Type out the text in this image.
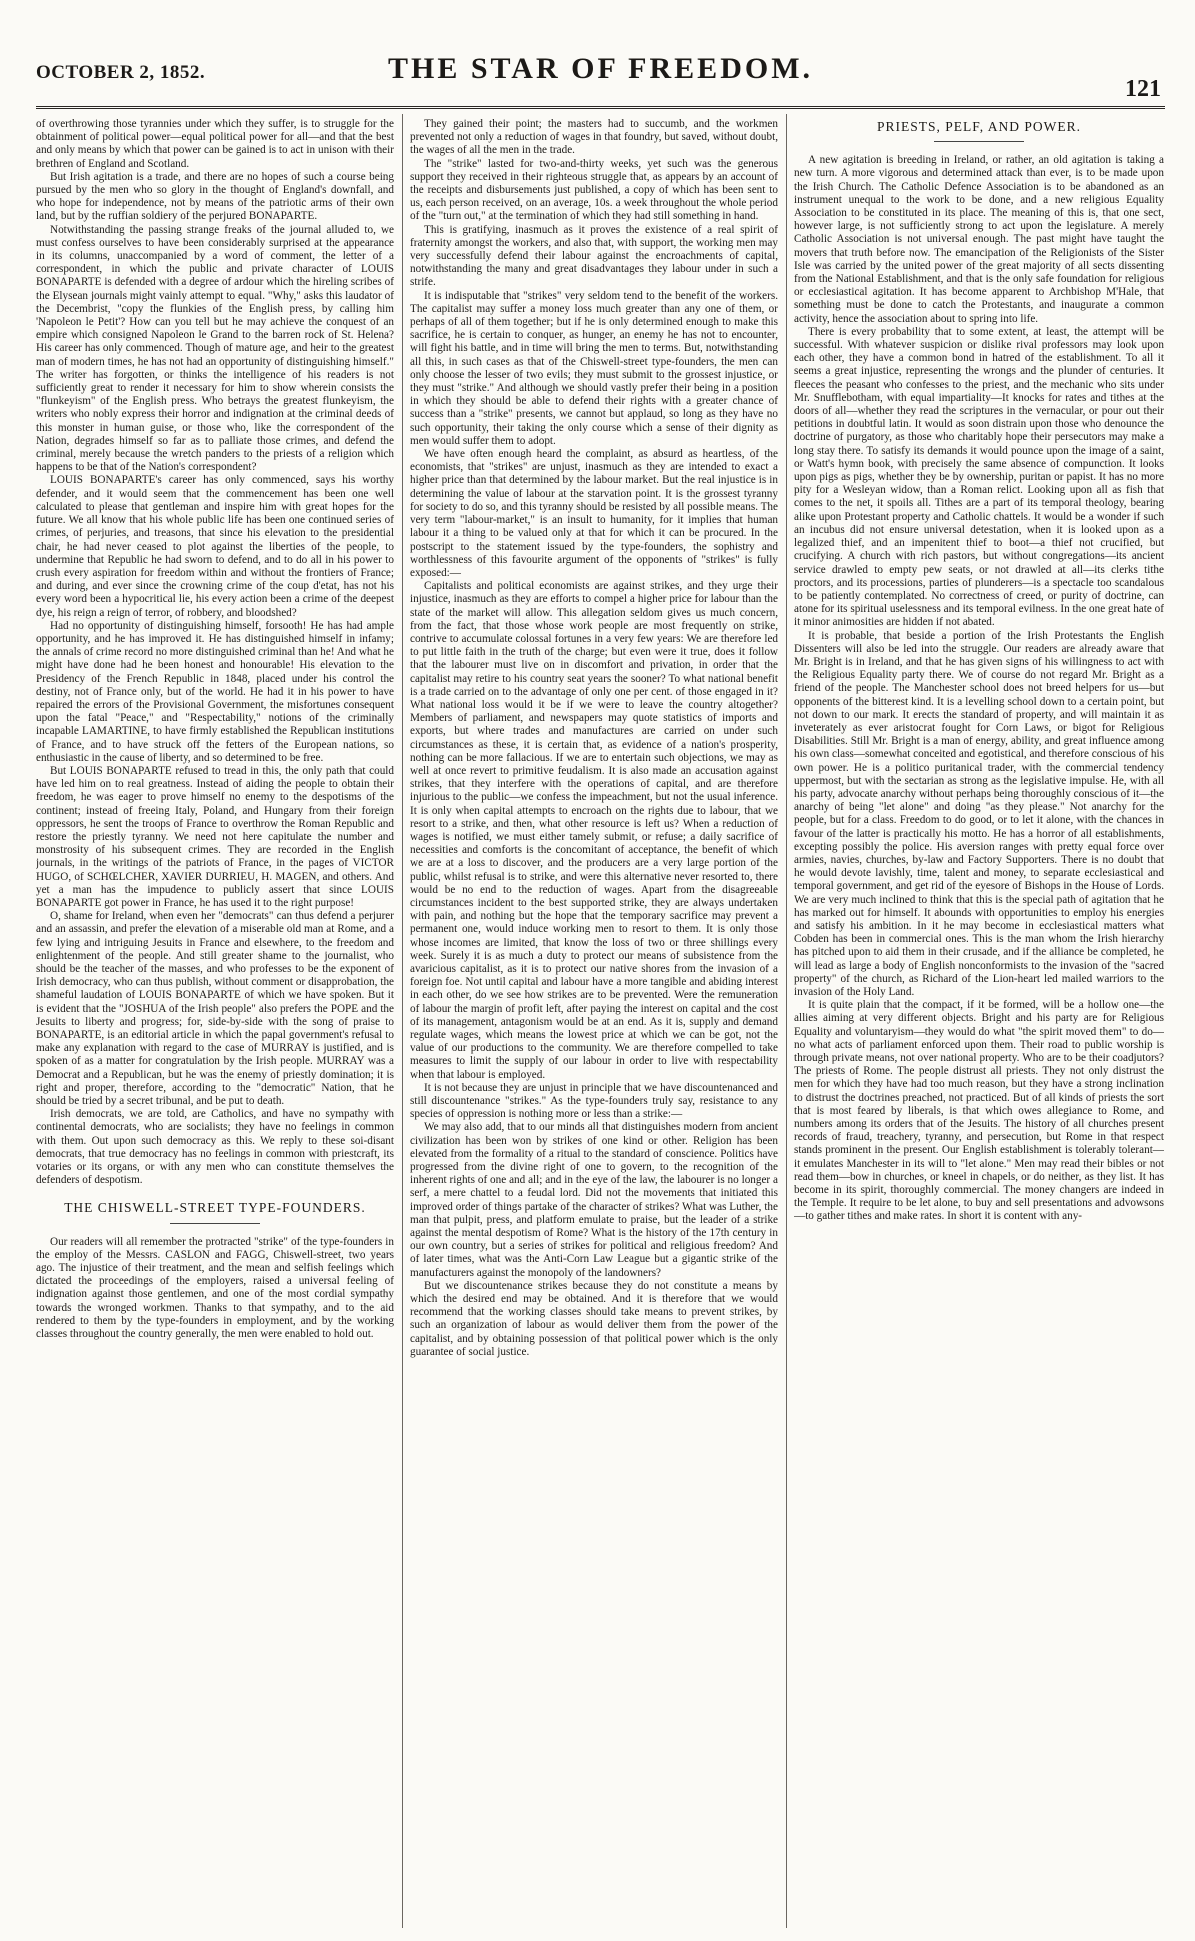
OCTOBER 2, 1852.	THE STAR OF FREEDOM.
121

of overthrowing those tyrannies under which they suffer, is to struggle for the obtainment of political power—equal political power for all—and that the best and only means by which that power can be gained is to act in unison with their brethren of England and Scotland.

But Irish agitation is a trade, and there are no hopes of such a course being pursued by the men who so glory in the thought of England's downfall, and who hope for independence, not by means of the patriotic arms of their own land, but by the ruffian soldiery of the perjured BONAPARTE.

Notwithstanding the passing strange freaks of the journal alluded to, we must confess ourselves to have been considerably surprised at the appearance in its columns, unaccompanied by a word of comment, the letter of a correspondent, in which the public and private character of LOUIS BONAPARTE is defended with a degree of ardour which the hireling scribes of the Elysean journals might vainly attempt to equal. "Why," asks this laudator of the Decembrist, "copy the flunkies of the English press, by calling him 'Napoleon le Petit'? How can you tell but he may achieve the conquest of an empire which consigned Napoleon le Grand to the barren rock of St. Helena? His career has only commenced. Though of mature age, and heir to the greatest man of modern times, he has not had an opportunity of distinguishing himself." The writer has forgotten, or thinks the intelligence of his readers is not sufficiently great to render it necessary for him to show wherein consists the "flunkeyism" of the English press. Who betrays the greatest flunkeyism, the writers who nobly express their horror and indignation at the criminal deeds of this monster in human guise, or those who, like the correspondent of the Nation, degrades himself so far as to palliate those crimes, and defend the criminal, merely because the wretch panders to the priests of a religion which happens to be that of the Nation's correspondent?

LOUIS BONAPARTE's career has only commenced, says his worthy defender, and it would seem that the commencement has been one well calculated to please that gentleman and inspire him with great hopes for the future. We all know that his whole public life has been one continued series of crimes, of perjuries, and treasons, that since his elevation to the presidential chair, he had never ceased to plot against the liberties of the people, to undermine that Republic he had sworn to defend, and to do all in his power to crush every aspiration for freedom within and without the frontiers of France; and during, and ever since the crowning crime of the coup d'etat, has not his every word been a hypocritical lie, his every action been a crime of the deepest dye, his reign a reign of terror, of robbery, and bloodshed?

Had no opportunity of distinguishing himself, forsooth! He has had ample opportunity, and he has improved it. He has distinguished himself in infamy; the annals of crime record no more distinguished criminal than he! And what he might have done had he been honest and honourable! His elevation to the Presidency of the French Republic in 1848, placed under his control the destiny, not of France only, but of the world. He had it in his power to have repaired the errors of the Provisional Government, the misfortunes consequent upon the fatal "Peace," and "Respectability," notions of the criminally incapable LAMARTINE, to have firmly established the Republican institutions of France, and to have struck off the fetters of the European nations, so enthusiastic in the cause of liberty, and so determined to be free.

But LOUIS BONAPARTE refused to tread in this, the only path that could have led him on to real greatness. Instead of aiding the people to obtain their freedom, he was eager to prove himself no enemy to the despotisms of the continent; instead of freeing Italy, Poland, and Hungary from their foreign oppressors, he sent the troops of France to overthrow the Roman Republic and restore the priestly tyranny. We need not here capitulate the number and monstrosity of his subsequent crimes. They are recorded in the English journals, in the writings of the patriots of France, in the pages of VICTOR HUGO, of SCHŒLCHER, XAVIER DURRIEU, H. MAGEN, and others. And yet a man has the impudence to publicly assert that since LOUIS BONAPARTE got power in France, he has used it to the right purpose!

O, shame for Ireland, when even her "democrats" can thus defend a perjurer and an assassin, and prefer the elevation of a miserable old man at Rome, and a few lying and intriguing Jesuits in France and elsewhere, to the freedom and enlightenment of the people. And still greater shame to the journalist, who should be the teacher of the masses, and who professes to be the exponent of Irish democracy, who can thus publish, without comment or disapprobation, the shameful laudation of LOUIS BONAPARTE of which we have spoken. But it is evident that the "JOSHUA of the Irish people" also prefers the POPE and the Jesuits to liberty and progress; for, side-by-side with the song of praise to BONAPARTE, is an editorial article in which the papal government's refusal to make any explanation with regard to the case of MURRAY is justified, and is spoken of as a matter for congratulation by the Irish people. MURRAY was a Democrat and a Republican, but he was the enemy of priestly domination; it is right and proper, therefore, according to the "democratic" Nation, that he should be tried by a secret tribunal, and be put to death.

Irish democrats, we are told, are Catholics, and have no sympathy with continental democrats, who are socialists; they have no feelings in common with them. Out upon such democracy as this. We reply to these soi-disant democrats, that true democracy has no feelings in common with priestcraft, its votaries or its organs, or with any men who can constitute themselves the defenders of despotism.

THE CHISWELL-STREET TYPE-FOUNDERS.

Our readers will all remember the protracted "strike" of the type-founders in the employ of the Messrs. CASLON and FAGG, Chiswell-street, two years ago. The injustice of their treatment, and the mean and selfish feelings which dictated the proceedings of the employers, raised a universal feeling of indignation against those gentlemen, and one of the most cordial sympathy towards the wronged workmen. Thanks to that sympathy, and to the aid rendered to them by the type-founders in employment, and by the working classes throughout the country generally, the men were enabled to hold out.

They gained their point; the masters had to succumb, and the workmen prevented not only a reduction of wages in that foundry, but saved, without doubt, the wages of all the men in the trade.

The "strike" lasted for two-and-thirty weeks, yet such was the generous support they received in their righteous struggle that, as appears by an account of the receipts and disbursements just published, a copy of which has been sent to us, each person received, on an average, 10s. a week throughout the whole period of the "turn out," at the termination of which they had still something in hand.

This is gratifying, inasmuch as it proves the existence of a real spirit of fraternity amongst the workers, and also that, with support, the working men may very successfully defend their labour against the encroachments of capital, notwithstanding the many and great disadvantages they labour under in such a strife.

It is indisputable that "strikes" very seldom tend to the benefit of the workers. The capitalist may suffer a money loss much greater than any one of them, or perhaps of all of them together; but if he is only determined enough to make this sacrifice, he is certain to conquer, as hunger, an enemy he has not to encounter, will fight his battle, and in time will bring the men to terms. But, notwithstanding all this, in such cases as that of the Chiswell-street type-founders, the men can only choose the lesser of two evils; they must submit to the grossest injustice, or they must "strike." And although we should vastly prefer their being in a position in which they should be able to defend their rights with a greater chance of success than a "strike" presents, we cannot but applaud, so long as they have no such opportunity, their taking the only course which a sense of their dignity as men would suffer them to adopt.

We have often enough heard the complaint, as absurd as heartless, of the economists, that "strikes" are unjust, inasmuch as they are intended to exact a higher price than that determined by the labour market. But the real injustice is in determining the value of labour at the starvation point. It is the grossest tyranny for society to do so, and this tyranny should be resisted by all possible means. The very term "labour-market," is an insult to humanity, for it implies that human labour it a thing to be valued only at that for which it can be procured. In the postscript to the statement issued by the type-founders, the sophistry and worthlessness of this favourite argument of the opponents of "strikes" is fully exposed:—

Capitalists and political economists are against strikes, and they urge their injustice, inasmuch as they are efforts to compel a higher price for labour than the state of the market will allow. This allegation seldom gives us much concern, from the fact, that those whose work people are most frequently on strike, contrive to accumulate colossal fortunes in a very few years: We are therefore led to put little faith in the truth of the charge; but even were it true, does it follow that the labourer must live on in discomfort and privation, in order that the capitalist may retire to his country seat years the sooner? To what national benefit is a trade carried on to the advantage of only one per cent. of those engaged in it? What national loss would it be if we were to leave the country altogether? Members of parliament, and newspapers may quote statistics of imports and exports, but where trades and manufactures are carried on under such circumstances as these, it is certain that, as evidence of a nation's prosperity, nothing can be more fallacious. If we are to entertain such objections, we may as well at once revert to primitive feudalism. It is also made an accusation against strikes, that they interfere with the operations of capital, and are therefore injurious to the public—we confess the impeachment, but not the usual inference. It is only when capital attempts to encroach on the rights due to labour, that we resort to a strike, and then, what other resource is left us? When a reduction of wages is notified, we must either tamely submit, or refuse; a daily sacrifice of necessities and comforts is the concomitant of acceptance, the benefit of which we are at a loss to discover, and the producers are a very large portion of the public, whilst refusal is to strike, and were this alternative never resorted to, there would be no end to the reduction of wages. Apart from the disagreeable circumstances incident to the best supported strike, they are always undertaken with pain, and nothing but the hope that the temporary sacrifice may prevent a permanent one, would induce working men to resort to them. It is only those whose incomes are limited, that know the loss of two or three shillings every week. Surely it is as much a duty to protect our means of subsistence from the avaricious capitalist, as it is to protect our native shores from the invasion of a foreign foe. Not until capital and labour have a more tangible and abiding interest in each other, do we see how strikes are to be prevented. Were the remuneration of labour the margin of profit left, after paying the interest on capital and the cost of its management, antagonism would be at an end. As it is, supply and demand regulate wages, which means the lowest price at which we can be got, not the value of our productions to the community. We are therefore compelled to take measures to limit the supply of our labour in order to live with respectability when that labour is employed.

It is not because they are unjust in principle that we have discountenanced and still discountenance "strikes." As the type-founders truly say, resistance to any species of oppression is nothing more or less than a strike:—

We may also add, that to our minds all that distinguishes modern from ancient civilization has been won by strikes of one kind or other. Religion has been elevated from the formality of a ritual to the standard of conscience. Politics have progressed from the divine right of one to govern, to the recognition of the inherent rights of one and all; and in the eye of the law, the labourer is no longer a serf, a mere chattel to a feudal lord. Did not the movements that initiated this improved order of things partake of the character of strikes? What was Luther, the man that pulpit, press, and platform emulate to praise, but the leader of a strike against the mental despotism of Rome? What is the history of the 17th century in our own country, but a series of strikes for political and religious freedom? And of later times, what was the Anti-Corn Law League but a gigantic strike of the manufacturers against the monopoly of the landowners?

But we discountenance strikes because they do not constitute a means by which the desired end may be obtained. And it is therefore that we would recommend that the working classes should take means to prevent strikes, by such an organization of labour as would deliver them from the power of the capitalist, and by obtaining possession of that political power which is the only guarantee of social justice.

PRIESTS, PELF, AND POWER.

A new agitation is breeding in Ireland, or rather, an old agitation is taking a new turn. A more vigorous and determined attack than ever, is to be made upon the Irish Church. The Catholic Defence Association is to be abandoned as an instrument unequal to the work to be done, and a new religious Equality Association to be constituted in its place. The meaning of this is, that one sect, however large, is not sufficiently strong to act upon the legislature. A merely Catholic Association is not universal enough. The past might have taught the movers that truth before now. The emancipation of the Religionists of the Sister Isle was carried by the united power of the great majority of all sects dissenting from the National Establishment, and that is the only safe foundation for religious or ecclesiastical agitation. It has become apparent to Archbishop M'Hale, that something must be done to catch the Protestants, and inaugurate a common activity, hence the association about to spring into life.

There is every probability that to some extent, at least, the attempt will be successful. With whatever suspicion or dislike rival professors may look upon each other, they have a common bond in hatred of the establishment. To all it seems a great injustice, representing the wrongs and the plunder of centuries. It fleeces the peasant who confesses to the priest, and the mechanic who sits under Mr. Snufflebotham, with equal impartiality—It knocks for rates and tithes at the doors of all—whether they read the scriptures in the vernacular, or pour out their petitions in doubtful latin. It would as soon distrain upon those who denounce the doctrine of purgatory, as those who charitably hope their persecutors may make a long stay there. To satisfy its demands it would pounce upon the image of a saint, or Watt's hymn book, with precisely the same absence of compunction. It looks upon pigs as pigs, whether they be by ownership, puritan or papist. It has no more pity for a Wesleyan widow, than a Roman relict. Looking upon all as fish that comes to the net, it spoils all. Tithes are a part of its temporal theology, bearing alike upon Protestant property and Catholic chattels. It would be a wonder if such an incubus did not ensure universal detestation, when it is looked upon as a legalized thief, and an impenitent thief to boot—a thief not crucified, but crucifying. A church with rich pastors, but without congregations—its ancient service drawled to empty pew seats, or not drawled at all—its clerks tithe proctors, and its processions, parties of plunderers—is a spectacle too scandalous to be patiently contemplated. No correctness of creed, or purity of doctrine, can atone for its spiritual uselessness and its temporal evilness. In the one great hate of it minor animosities are hidden if not abated.

It is probable, that beside a portion of the Irish Protestants the English Dissenters will also be led into the struggle. Our readers are already aware that Mr. Bright is in Ireland, and that he has given signs of his willingness to act with the Religious Equality party there. We of course do not regard Mr. Bright as a friend of the people. The Manchester school does not breed helpers for us—but opponents of the bitterest kind. It is a levelling school down to a certain point, but not down to our mark. It erects the standard of property, and will maintain it as inveterately as ever aristocrat fought for Corn Laws, or bigot for Religious Disabilities. Still Mr. Bright is a man of energy, ability, and great influence among his own class—somewhat conceited and egotistical, and therefore conscious of his own power. He is a politico puritanical trader, with the commercial tendency uppermost, but with the sectarian as strong as the legislative impulse. He, with all his party, advocate anarchy without perhaps being thoroughly conscious of it—the anarchy of being "let alone" and doing "as they please." Not anarchy for the people, but for a class. Freedom to do good, or to let it alone, with the chances in favour of the latter is practically his motto. He has a horror of all establishments, excepting possibly the police. His aversion ranges with pretty equal force over armies, navies, churches, by-law and Factory Supporters. There is no doubt that he would devote lavishly, time, talent and money, to separate ecclesiastical and temporal government, and get rid of the eyesore of Bishops in the House of Lords. We are very much inclined to think that this is the special path of agitation that he has marked out for himself. It abounds with opportunities to employ his energies and satisfy his ambition. In it he may become in ecclesiastical matters what Cobden has been in commercial ones. This is the man whom the Irish hierarchy has pitched upon to aid them in their crusade, and if the alliance be completed, he will lead as large a body of English nonconformists to the invasion of the "sacred property" of the church, as Richard of the Lion-heart led mailed warriors to the invasion of the Holy Land.

It is quite plain that the compact, if it be formed, will be a hollow one—the allies aiming at very different objects. Bright and his party are for Religious Equality and voluntaryism—they would do what "the spirit moved them" to do—no what acts of parliament enforced upon them. Their road to public worship is through private means, not over national property. Who are to be their coadjutors? The priests of Rome. The people distrust all priests. They not only distrust the men for which they have had too much reason, but they have a strong inclination to distrust the doctrines preached, not practiced. But of all kinds of priests the sort that is most feared by liberals, is that which owes allegiance to Rome, and numbers among its orders that of the Jesuits. The history of all churches present records of fraud, treachery, tyranny, and persecution, but Rome in that respect stands prominent in the present. Our English establishment is tolerably tolerant—it emulates Manchester in its will to "let alone." Men may read their bibles or not read them—bow in churches, or kneel in chapels, or do neither, as they list. It has become in its spirit, thoroughly commercial. The money changers are indeed in the Temple. It require to be let alone, to buy and sell presentations and advowsons—to gather tithes and make rates. In short it is content with any-
